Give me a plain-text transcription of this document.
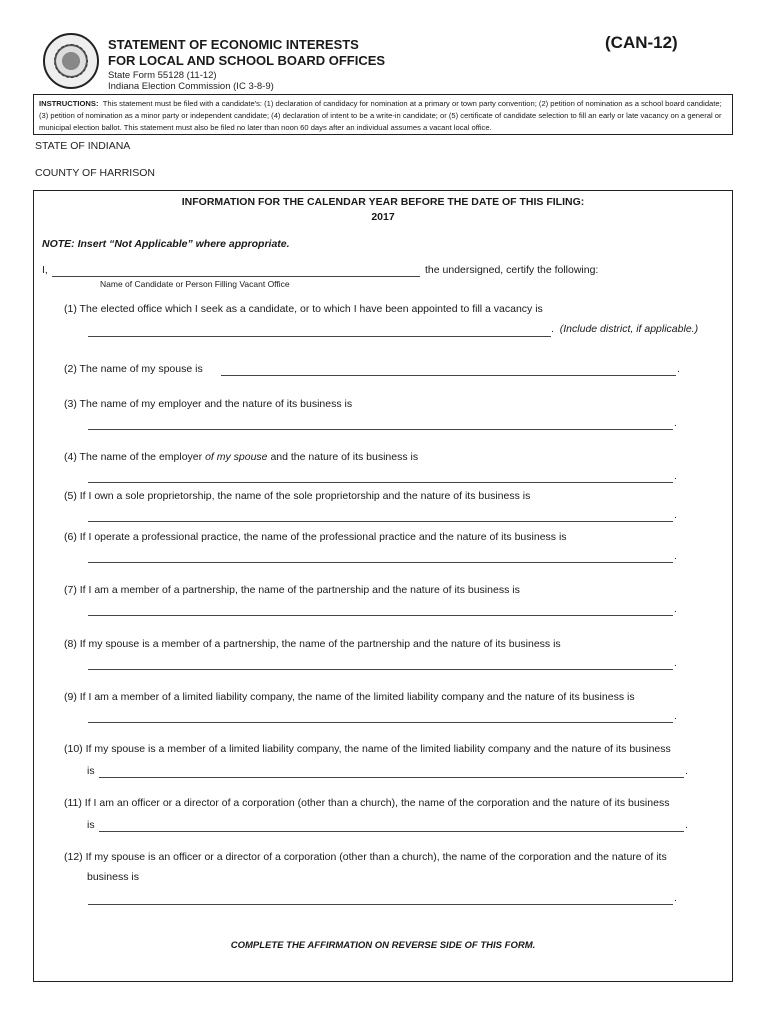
STATEMENT OF ECONOMIC INTERESTS
FOR LOCAL AND SCHOOL BOARD OFFICES
(CAN-12)
State Form 55128 (11-12)
Indiana Election Commission (IC 3-8-9)
INSTRUCTIONS: This statement must be filed with a candidate's: (1) declaration of candidacy for nomination at a primary or town party convention; (2) petition of nomination as a school board candidate; (3) petition of nomination as a minor party or independent candidate; (4) declaration of intent to be a write-in candidate; or (5) certificate of candidate selection to fill an early or late vacancy on a general or municipal election ballot. This statement must also be filed no later than noon 60 days after an individual assumes a vacant local office.
STATE OF INDIANA
COUNTY OF HARRISON
INFORMATION FOR THE CALENDAR YEAR BEFORE THE DATE OF THIS FILING:
2017
NOTE: Insert “Not Applicable” where appropriate.
I,	the undersigned, certify the following:
Name of Candidate or Person Filling Vacant Office
(1) The elected office which I seek as a candidate, or to which I have been appointed to fill a vacancy is
.  (Include district, if applicable.)
(2) The name of my spouse is	.
(3) The name of my employer and the nature of its business is
.
(4) The name of the employer of my spouse and the nature of its business is
.
(5) If I own a sole proprietorship, the name of the sole proprietorship and the nature of its business is
.
(6) If I operate a professional practice, the name of the professional practice and the nature of its business is
.
(7) If I am a member of a partnership, the name of the partnership and the nature of its business is
.
(8) If my spouse is a member of a partnership, the name of the partnership and the nature of its business is
.
(9) If I am a member of a limited liability company, the name of the limited liability company and the nature of its business is
.
(10) If my spouse is a member of a limited liability company, the name of the limited liability company and the nature of its business
is	.
(11) If I am an officer or a director of a corporation (other than a church), the name of the corporation and the nature of its business
is	.
(12) If my spouse is an officer or a director of a corporation (other than a church), the name of the corporation and the nature of its
business is
.
COMPLETE THE AFFIRMATION ON REVERSE SIDE OF THIS FORM.
